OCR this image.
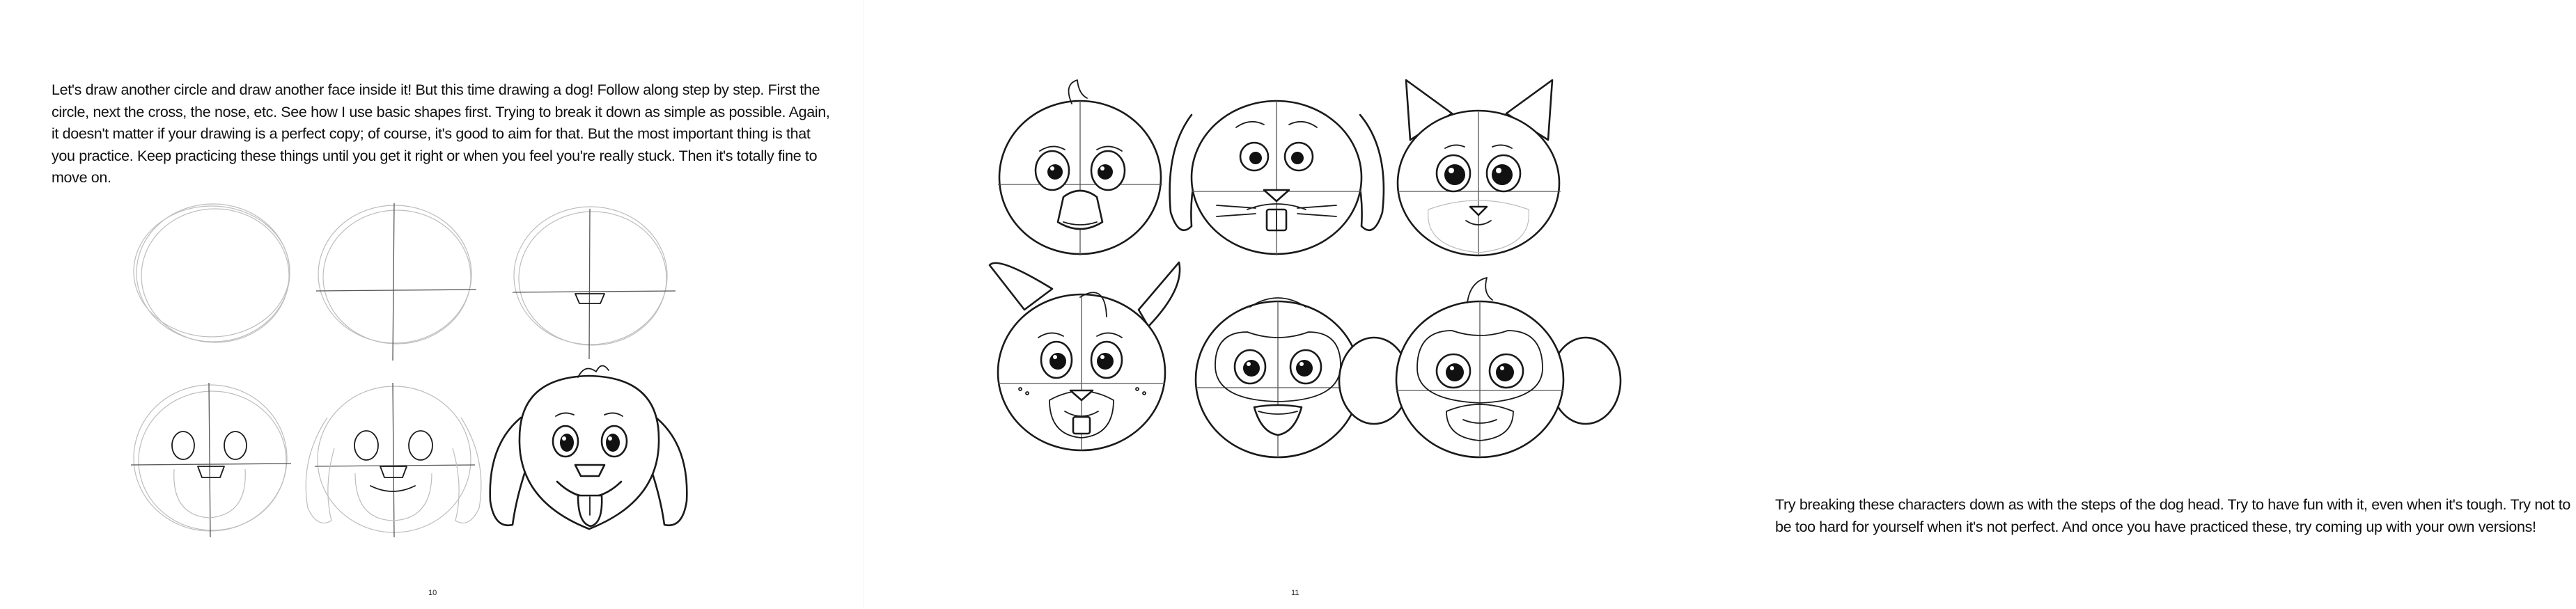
Let's draw another circle and draw another face inside it! But this time drawing a dog! Follow along step by step. First the circle, next the cross, the nose, etc. See how I use basic shapes first. Trying to break it down as simple as possible. Again, it doesn't matter if your drawing is a perfect copy; of course, it's good to aim for that. But the most important thing is that you practice. Keep practicing these things until you get it right or when you feel you're really stuck. Then it's totally fine to move on.

10

Try breaking these characters down as with the steps of the dog head. Try to have fun with it, even when it's tough. Try not to be too hard for yourself when it's not perfect. And once you have practiced these, try coming up with your own versions!

11
